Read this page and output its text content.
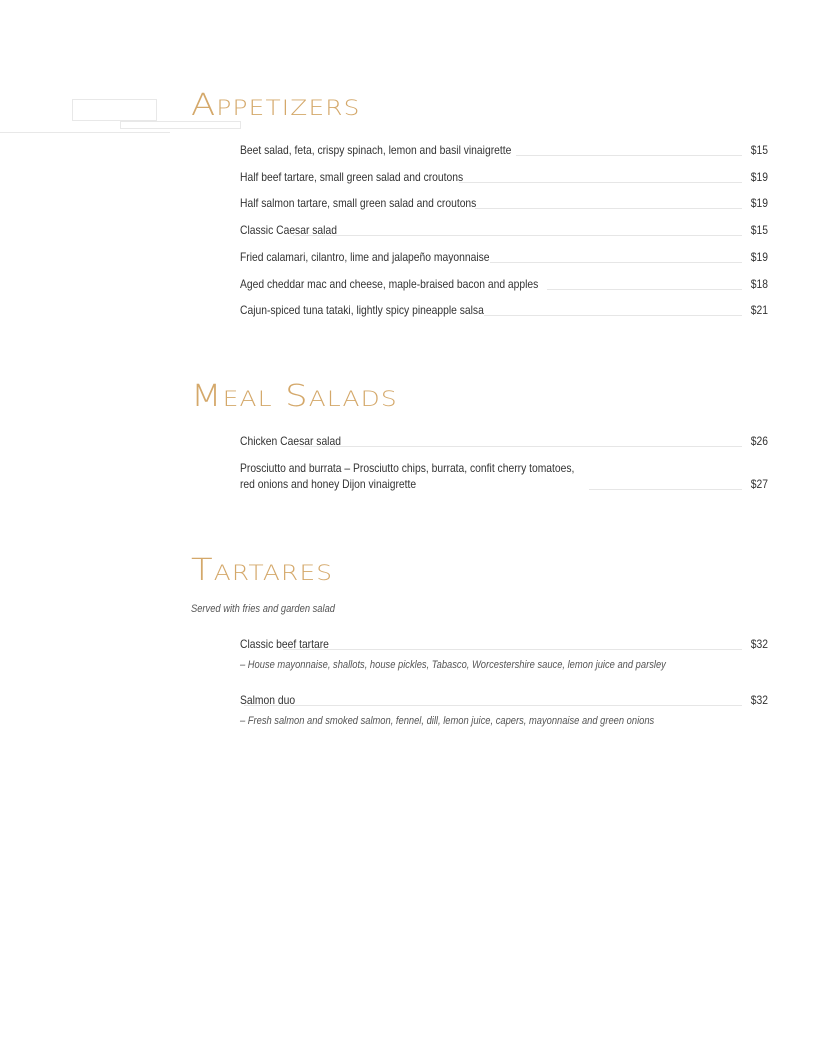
Appetizers
Beet salad, feta, crispy spinach, lemon and basil vinaigrette	$15
Half beef tartare, small green salad and croutons	$19
Half salmon tartare, small green salad and croutons	$19
Classic Caesar salad	$15
Fried calamari, cilantro, lime and jalapeño mayonnaise	$19
Aged cheddar mac and cheese, maple-braised bacon and apples	$18
Cajun-spiced tuna tataki, lightly spicy pineapple salsa	$21
Meal Salads
Chicken Caesar salad	$26
Prosciutto and burrata – Prosciutto chips, burrata, confit cherry tomatoes,
red onions and honey Dijon vinaigrette	$27
Tartares
Served with fries and garden salad
Classic beef tartare	$32
– House mayonnaise, shallots, house pickles, Tabasco, Worcestershire sauce, lemon juice and parsley
Salmon duo	$32
– Fresh salmon and smoked salmon, fennel, dill, lemon juice, capers, mayonnaise and green onions
